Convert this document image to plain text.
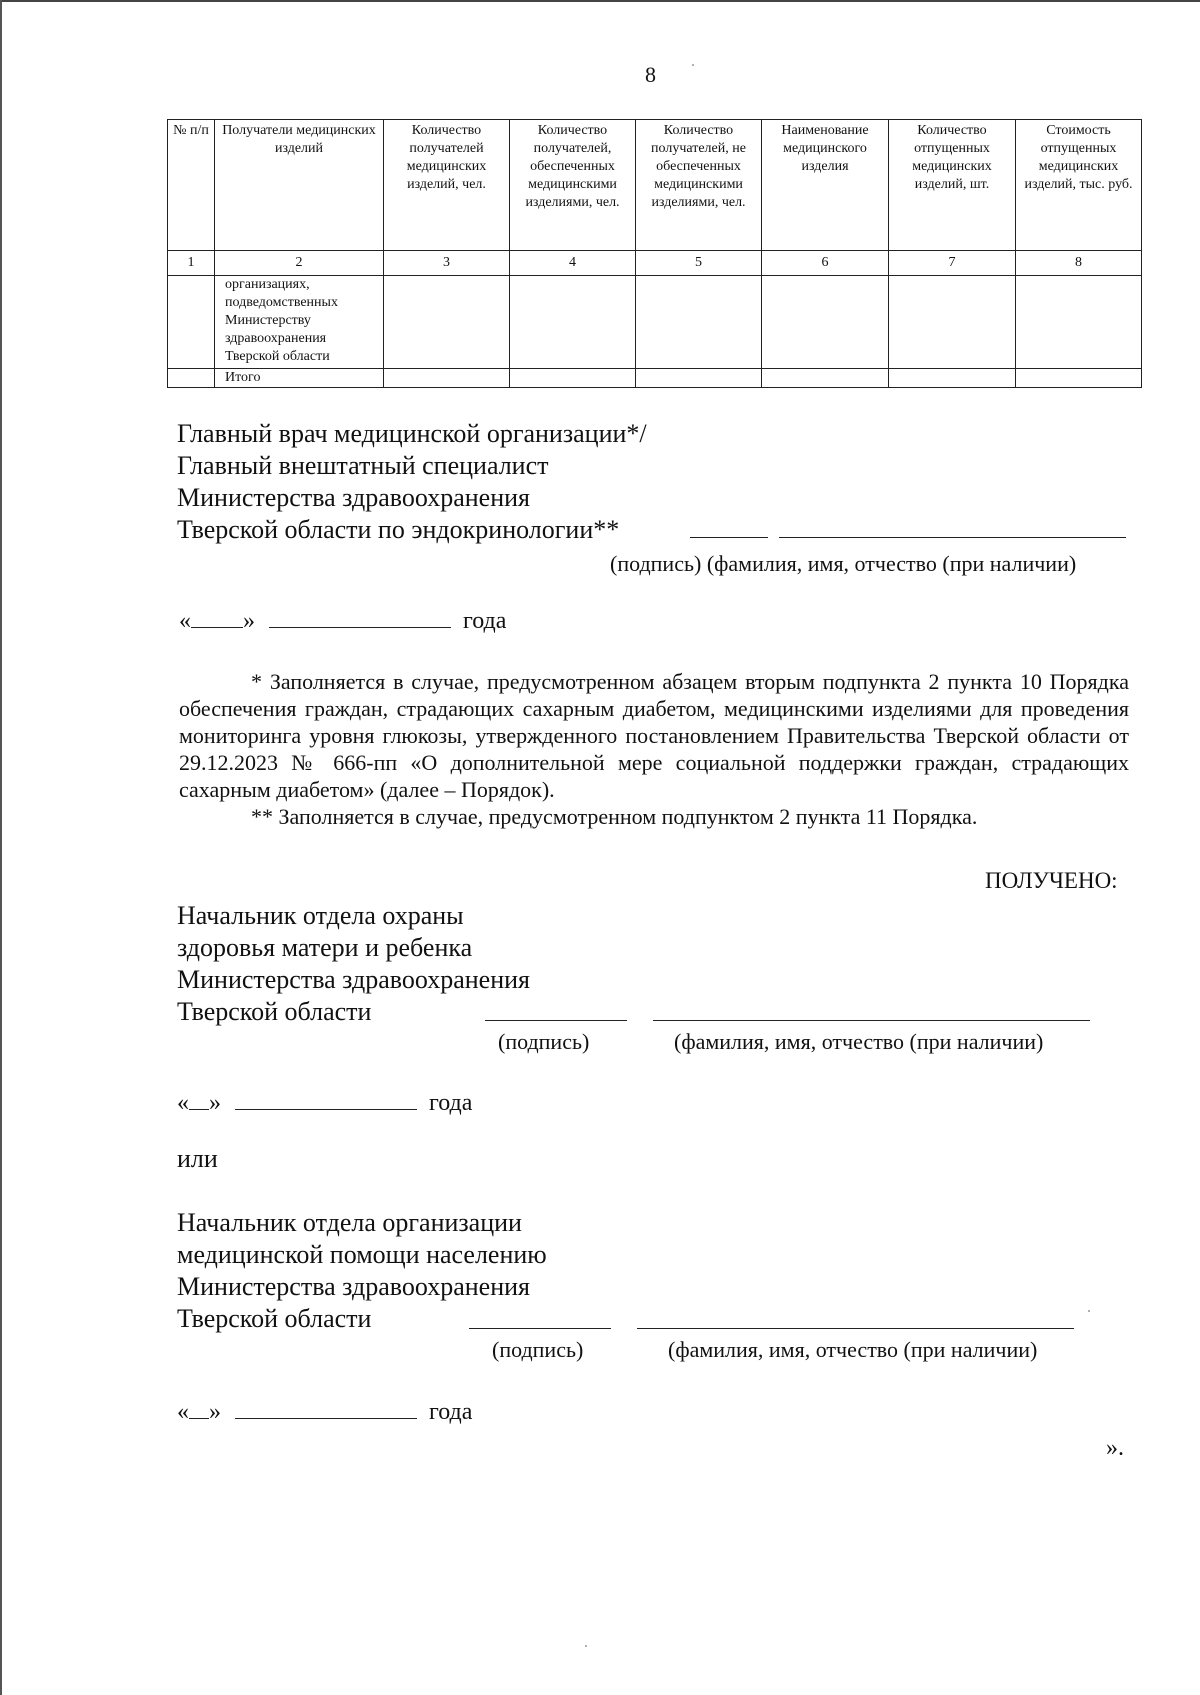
8
№ п/п	Получатели медицинских изделий	Количество получателей медицинских изделий, чел.	Количество получателей, обеспеченных медицинскими изделиями, чел.	Количество получателей, не обеспеченных медицинскими изделиями, чел.	Наименование медицинского изделия	Количество отпущенных медицинских изделий, шт.	Стоимость отпущенных медицинских изделий, тыс. руб.
1	2	3	4	5	6	7	8
	организациях, подведомственных Министерству здравоохранения Тверской области						
	Итого						
Главный врач медицинской организации*/
Главный внештатный специалист
Министерства здравоохранения
Тверской области по эндокринологии**
(подпись) (фамилия, имя, отчество (при наличии)
« »	года

* Заполняется в случае, предусмотренном абзацем вторым подпункта 2 пункта 10 Порядка обеспечения граждан, страдающих сахарным диабетом, медицинскими изделиями для проведения мониторинга уровня глюкозы, утвержденного постановлением Правительства Тверской области от 29.12.2023 № 666-пп «О дополнительной мере социальной поддержки граждан, страдающих сахарным диабетом» (далее – Порядок).

** Заполняется в случае, предусмотренном подпунктом 2 пункта 11 Порядка.

ПОЛУЧЕНО:
Начальник отдела охраны
здоровья матери и ребенка
Министерства здравоохранения
Тверской области
(подпись)	(фамилия, имя, отчество (при наличии)
« »	года
или
Начальник отдела организации
медицинской помощи населению
Министерства здравоохранения
Тверской области
(подпись)	(фамилия, имя, отчество (при наличии)
« »	года
».
